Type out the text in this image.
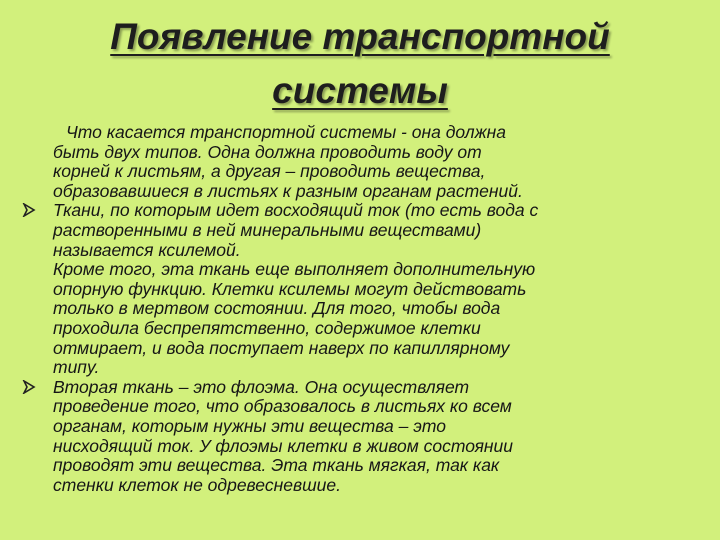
Появление транспортной
системы
Что касается транспортной системы - она должна
быть двух типов. Одна должна проводить воду от
корней к листьям, а другая – проводить вещества,
образовавшиеся в листьях к разным органам растений.
Ткани, по которым идет восходящий ток (то есть вода с
растворенными в ней минеральными веществами)
называется ксилемой.
Кроме того, эта ткань еще выполняет дополнительную
опорную функцию. Клетки ксилемы могут действовать
только в мертвом состоянии. Для того, чтобы вода
проходила беспрепятственно, содержимое клетки
отмирает, и вода поступает наверх по капиллярному
типу.
Вторая ткань – это флоэма. Она осуществляет
проведение того, что образовалось в листьях ко всем
органам, которым нужны эти вещества – это
нисходящий ток. У флоэмы клетки в живом состоянии
проводят эти вещества. Эта ткань мягкая, так как
стенки клеток не одревесневшие.
